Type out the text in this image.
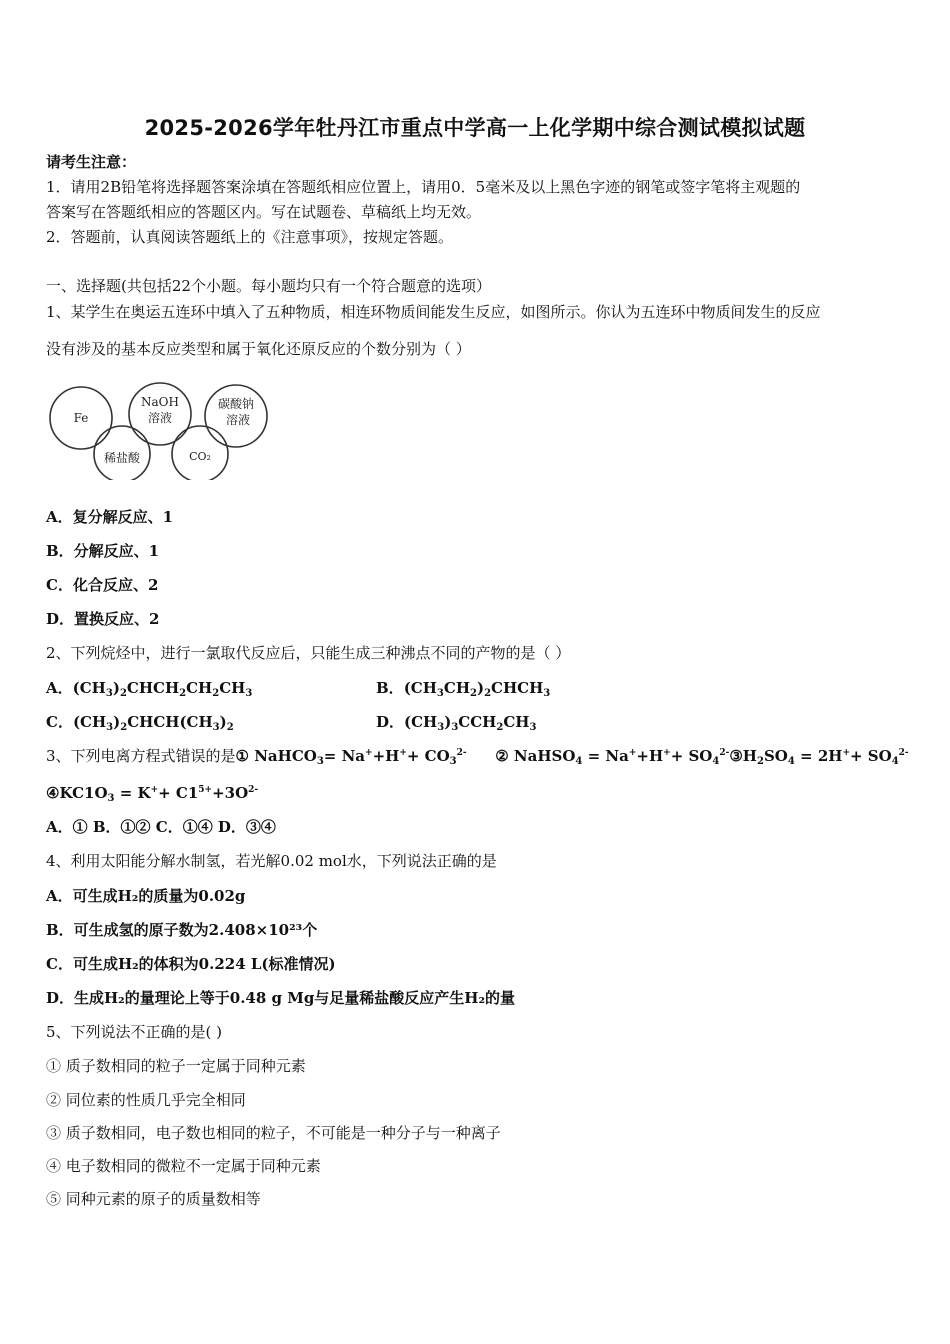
2025-2026学年牡丹江市重点中学高一上化学期中综合测试模拟试题
请考生注意：
1．请用2B铅笔将选择题答案涂填在答题纸相应位置上，请用0．5毫米及以上黑色字迹的钢笔或签字笔将主观题的
答案写在答题纸相应的答题区内。写在试题卷、草稿纸上均无效。
2．答题前，认真阅读答题纸上的《注意事项》，按规定答题。
一、选择题(共包括22个小题。每小题均只有一个符合题意的选项）
1、某学生在奥运五连环中填入了五种物质，相连环物质间能发生反应，如图所示。你认为五连环中物质间发生的反应
没有涉及的基本反应类型和属于氧化还原反应的个数分别为（ ）
Fe
NaOH
溶液
碳酸钠
溶液
稀盐酸	CO₂
A．复分解反应、1
B．分解反应、1
C．化合反应、2
D．置换反应、2
2、下列烷烃中，进行一氯取代反应后，只能生成三种沸点不同的产物的是（ ）
A．$(CH_3)_2CHCH_2CH_2CH_3$	B．$(CH_3CH_2)_2CHCH_3$
C．$(CH_3)_2CHCH(CH_3)_2$	D．$(CH_3)_3CCH_2CH_3$
3、下列电离方程式错误的是① NaHCO$_3$= $Na^++H^++ CO_3^{2-}$ ② NaHSO$_4$ = $Na^++H^++ SO_4^{2-}③H_2SO_4 = 2H^++ SO_4^{2-}$
$④KC1O_3 = K^++ C1^{5+}+3O^{2-}$
A．① B．①② C．①④ D．③④
4、利用太阳能分解水制氢，若光解0.02 mol水，下列说法正确的是
A．可生成H₂的质量为0.02g
B．可生成氢的原子数为2.408×10²³个
C．可生成H₂的体积为0.224 L(标准情况)
D．生成H₂的量理论上等于0.48 g Mg与足量稀盐酸反应产生H₂的量
5、下列说法不正确的是( )
① 质子数相同的粒子一定属于同种元素
② 同位素的性质几乎完全相同
③ 质子数相同，电子数也相同的粒子，不可能是一种分子与一种离子
④ 电子数相同的微粒不一定属于同种元素
⑤ 同种元素的原子的质量数相等
